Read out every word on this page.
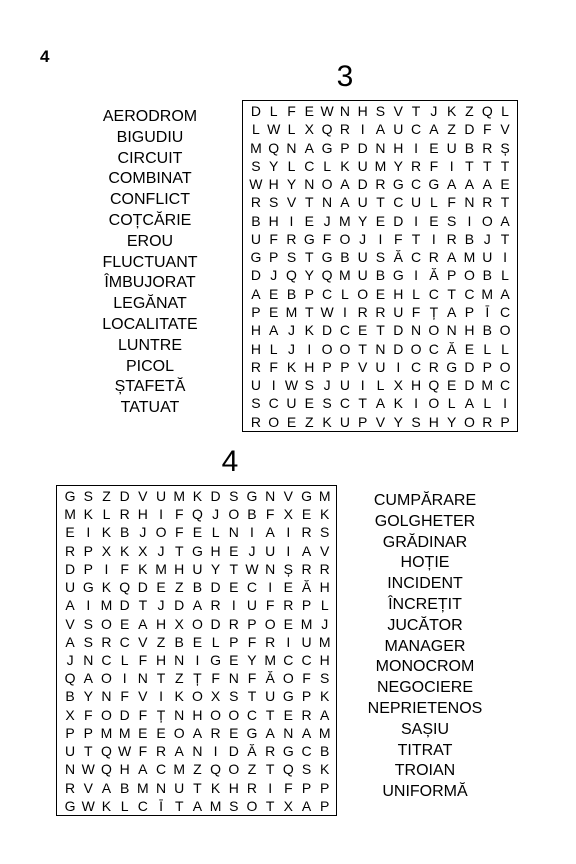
4
3
AERODROM
BIGUDIU
CIRCUIT
COMBINAT
CONFLICT
COȚCĂRIE
EROU
FLUCTUANT
ÎMBUJORAT
LEGĂNAT
LOCALITATE
LUNTRE
PICOL
ȘTAFETĂ
TATUAT
D L F E W N H S V T J K Z Q L
L W L X Q R I A U C A Z D F V
M Q N A G P D N H I E U B R Ș
S Y L C L K U M Y R F I T T T
W H Y N O A D R G C G A A A E
R S V T N A U T C U L F N R T
B H I E J M Y E D I E S I O A
U F R G F O J I F T I R B J T
G P S T G B U S Ă C R A M U I
D J Q Y Q M U B G I Ă P O B L
A E B P C L O E H L C T C M A
P E M T W I R R U F Ț A P Ī C
H A J K D C E T D N O N H B O
H L J I O O T N D O C Ă E L L
R F K H P P V U I C R G D P O
U I W S J U I L X H Q E D M C
S C U E S C T A K I O L A L I
R O E Z K U P V Y S H Y O R P
4
G S Z D V U M K D S G N V G M
M K L R H I F Q J O B F X E K
E I K B J O F E L N I A I R S
R P X K X J T G H E J U I A V
D P I F K M H U Y T W N Ș R R
U G K Q D E Z B D E C I E Ă H
A I M D T J D A R I U F R P L
V S O E A H X O D R P O E M J
A S R C V Z B E L P F R I U M
J N C L F H N I G E Y M C C H
Q A O I N T Z Ț F N F Ă O F S
B Y N F V I K O X S T U G P K
X F O D F Ț N H O O C T E R A
P P M M E E O A R E G A N A M
U T Q W F R A N I D Ă R G C B
N W Q H A C M Z Q O Z T Q S K
R V A B M N U T K H R I F P P
G W K L C Ī T A M S O T X A P
CUMPĂRARE
GOLGHETER
GRĂDINAR
HOȚIE
INCIDENT
ÎNCREȚIT
JUCĂTOR
MANAGER
MONOCROM
NEGOCIERE
NEPRIETENOS
SAȘIU
TITRAT
TROIAN
UNIFORMĂ
